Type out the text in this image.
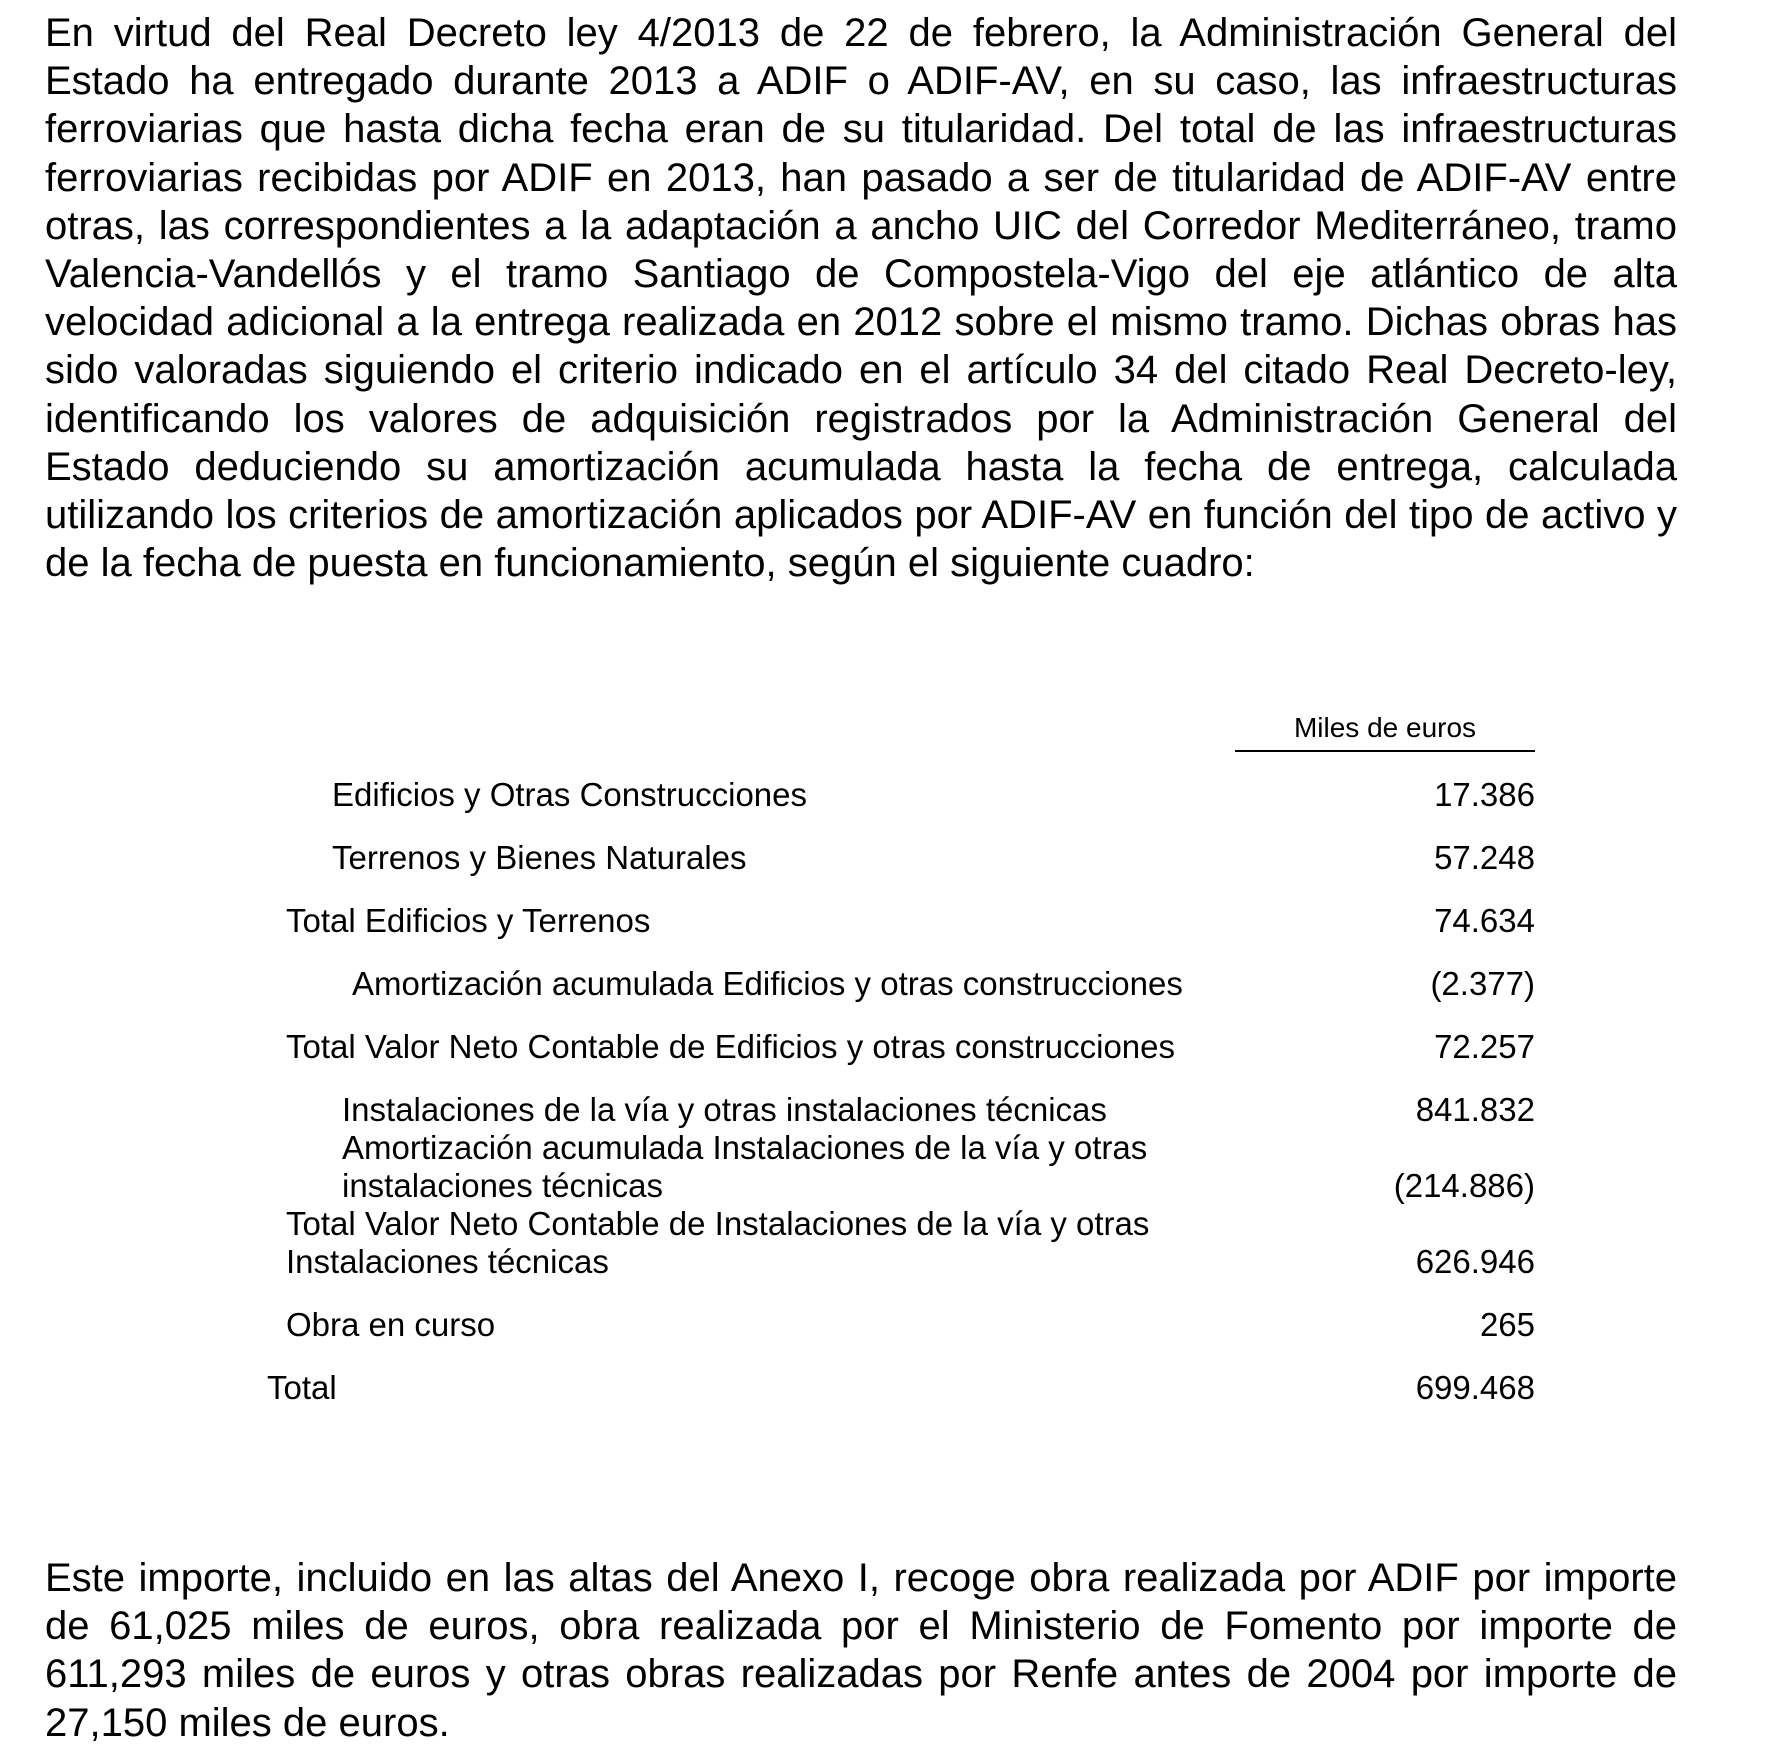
En virtud del Real Decreto ley 4/2013 de 22 de febrero, la Administración General del Estado ha entregado durante 2013 a ADIF o ADIF-AV, en su caso, las infraestructuras ferroviarias que hasta dicha fecha eran de su titularidad. Del total de las infraestructuras ferroviarias recibidas por ADIF en 2013, han pasado a ser de titularidad de ADIF-AV entre otras, las correspondientes a la adaptación a ancho UIC del Corredor Mediterráneo, tramo Valencia-Vandellós y el tramo Santiago de Compostela-Vigo del eje atlántico de alta velocidad adicional a la entrega realizada en 2012 sobre el mismo tramo. Dichas obras has sido valoradas siguiendo el criterio indicado en el artículo 34 del citado Real Decreto-ley, identificando los valores de adquisición registrados por la Administración General del Estado deduciendo su amortización acumulada hasta la fecha de entrega, calculada utilizando los criterios de amortización aplicados por ADIF-AV en función del tipo de activo y de la fecha de puesta en funcionamiento, según el siguiente cuadro:

Miles de euros
Edificios y Otras Construcciones	17.386
Terrenos y Bienes Naturales	57.248
Total Edificios y Terrenos	74.634
Amortización acumulada Edificios y otras construcciones	(2.377)
Total Valor Neto Contable de Edificios y otras construcciones	72.257
Instalaciones de la vía y otras instalaciones técnicas	841.832
Amortización acumulada Instalaciones de la vía y otras
instalaciones técnicas	(214.886)
Total Valor Neto Contable de Instalaciones de la vía y otras
Instalaciones técnicas	626.946
Obra en curso	265
Total	699.468

Este importe, incluido en las altas del Anexo I, recoge obra realizada por ADIF por importe de 61,025 miles de euros, obra realizada por el Ministerio de Fomento por importe de 611,293 miles de euros y otras obras realizadas por Renfe antes de 2004 por importe de 27,150 miles de euros.
